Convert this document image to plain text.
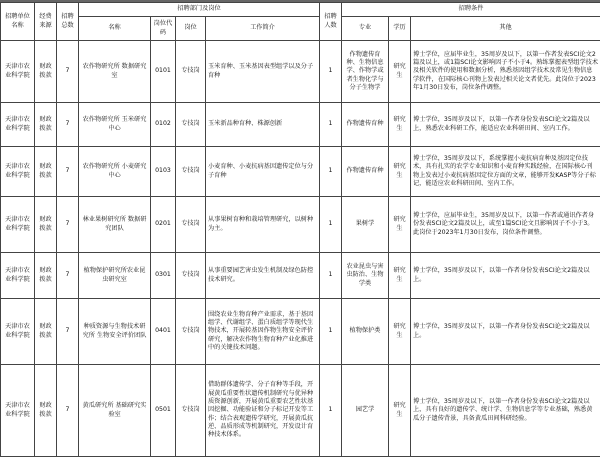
招聘单位名称	经费来源	招聘总数	招聘部门及岗位				招聘人数	招聘条件		
			名称	岗位代码	岗位	工作简介		专业	学历	其他
天津市农业科学院	财政拨款	7	农作物研究所 数据研究室	0101	专技岗	玉米育种、玉米基因表型组学以及分子育种	1	作物遗传育种、生物信息学、作物学或者生物化学与分子生物学	研究生	博士学位，应届毕业生，35周岁及以下，以第一作者发表SCI论文2篇及以上，或1篇SCI论文影响因子不小于4。熟练掌握表型组学技术及相关软件的使用和数据分析，熟悉基因组学技术及常见生物信息学软件，在国际核心刊物上发表过相关论文者优先。此岗位于2023年1月30日发布，岗位条件调整。
天津市农业科学院	财政拨款	7	农作物研究所 玉米研究中心	0102	专技岗	玉米新品种育种、株源创新	1	作物遗传育种	研究生	博士学位，35周岁及以下，以第一作者身份发表SCI论文2篇及以上，熟悉农业科研工作，能适应农业科研田间、室内工作。
天津市农业科学院	财政拨款	7	农作物研究所 小麦研究中心	0103	专技岗	小麦育种、小麦抗病基因遗传定位与分子育种	1	作物遗传育种	研究生	博士学位，35周岁及以下，系统掌握小麦抗病育种及基因定位技术，具有扎实的农学专业知识和小麦育种实践经验，在国际核心刊物上发表过小麦抗病基因定位方面的文章，能够开发KASP等分子标记，能适应农业科研田间、室内工作。
天津市农业科学院	财政拨款	7	林业果树研究所 数据研究团队	0201	专技岗	从事果树育种和栽培管理研究，以树种为主。	1	果树学	研究生	博士学位，应届毕业生，35周岁及以下，以第一作者或通讯作者身份发表SCI论文2篇及以上，或至1篇SCI论文且影响因子不小于3。此岗位于2023年1月30日发布，岗位条件调整。
天津市农业科学院	财政拨款	7	植物保护研究所农业昆虫研究室	0301	专技岗	从事重要园艺害虫发生机制及绿色防控技术研究。	1	农业昆虫与害虫防治、生物学类	研究生	博士学位，35周岁及以下，以第一作者身份发表SCI论文2篇及以上。
天津市农业科学院	财政拨款	7	种质资源与生物技术研究所 生物安全评价团队	0401	专技岗	围绕农业生物育种产业需求，基于基因组学、代谢组学、蛋白质组学等现代生物技术，开展转基因作物生物安全评价研究，解决农作物生物育种产业化推进中的关键技术问题。	1	植物保护类	研究生	博士学位，35周岁及以下，以第一作者身份发表SCI论文2篇及以上。
天津市农业科学院	财政拨款	7	黄瓜研究所 基础研究实验室	0501	专技岗	借助群体遗传学、分子育种等手段，开展黄瓜重要性状遗传机制研究与优异种质资源创新，开展黄瓜重要农艺性状基因挖掘、功能验证和分子标记开发等工作；结合表观遗传学研究，开展黄瓜抗逆、品质形成等机制研究，开发设计育种技术体系。	1	园艺学	研究生	博士学位，35周岁及以下，以第一作者身份发表SCI论文2篇及以上，具有良好的遗传学、统计学、生物信息学等专业基础，熟悉黄瓜分子遗传背景，具备黄瓜田间科研经验。
